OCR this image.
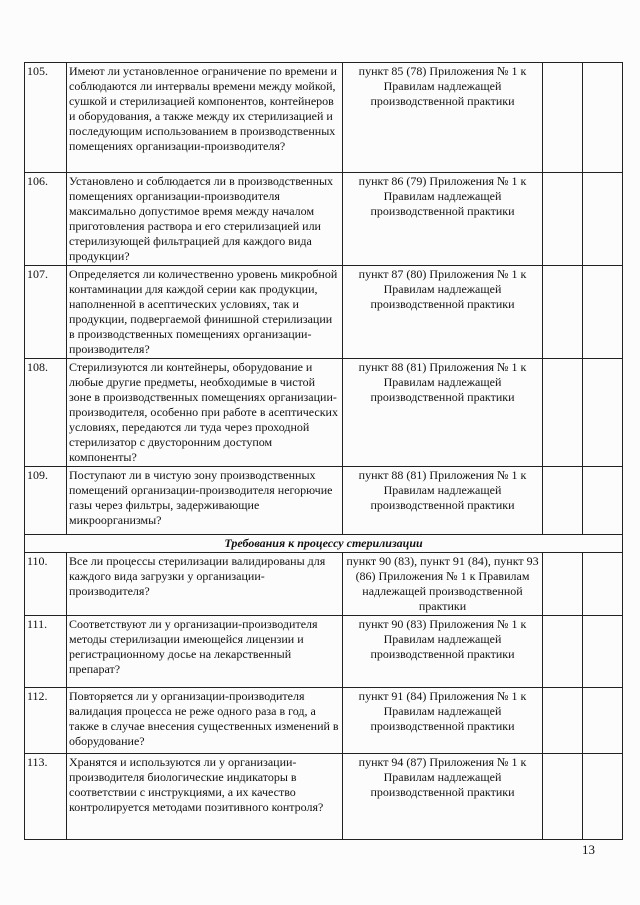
105.	Имеют ли установленное ограничение по времени и соблюдаются ли интервалы времени между мойкой, сушкой и стерилизацией компонентов, контейнеров и оборудования, а также между их стерилизацией и последующим использованием в производственных помещениях организации-производителя?	пункт 85 (78) Приложения № 1 к Правилам надлежащей производственной практики		
106.	Установлено и соблюдается ли в производственных помещениях организации-производителя максимально допустимое время между началом приготовления раствора и его стерилизацией или стерилизующей фильтрацией для каждого вида продукции?	пункт 86 (79) Приложения № 1 к Правилам надлежащей производственной практики		
107.	Определяется ли количественно уровень микробной контаминации для каждой серии как продукции, наполненной в асептических условиях, так и продукции, подвергаемой финишной стерилизации в производственных помещениях организации-производителя?	пункт 87 (80) Приложения № 1 к Правилам надлежащей производственной практики		
108.	Стерилизуются ли контейнеры, оборудование и любые другие предметы, необходимые в чистой зоне в производственных помещениях организации-производителя, особенно при работе в асептических условиях, передаются ли туда через проходной стерилизатор с двусторонним доступом компоненты?	пункт 88 (81) Приложения № 1 к Правилам надлежащей производственной практики		
109.	Поступают ли в чистую зону производственных помещений организации-производителя негорючие газы через фильтры, задерживающие микроорганизмы?	пункт 88 (81) Приложения № 1 к Правилам надлежащей производственной практики		
Требования к процессу стерилизации				
110.	Все ли процессы стерилизации валидированы для каждого вида загрузки у организации-производителя?	пункт 90 (83), пункт 91 (84), пункт 93 (86) Приложения № 1 к Правилам надлежащей производственной практики		
111.	Соответствуют ли у организации-производителя методы стерилизации имеющейся лицензии и регистрационному досье на лекарственный препарат?	пункт 90 (83) Приложения № 1 к Правилам надлежащей производственной практики		
112.	Повторяется ли у организации-производителя валидация процесса не реже одного раза в год, а также в случае внесения существенных изменений в оборудование?	пункт 91 (84) Приложения № 1 к Правилам надлежащей производственной практики		
113.	Хранятся и используются ли у организации-производителя биологические индикаторы в соответствии с инструкциями, а их качество контролируется методами позитивного контроля?	пункт 94 (87) Приложения № 1 к Правилам надлежащей производственной практики		
13
